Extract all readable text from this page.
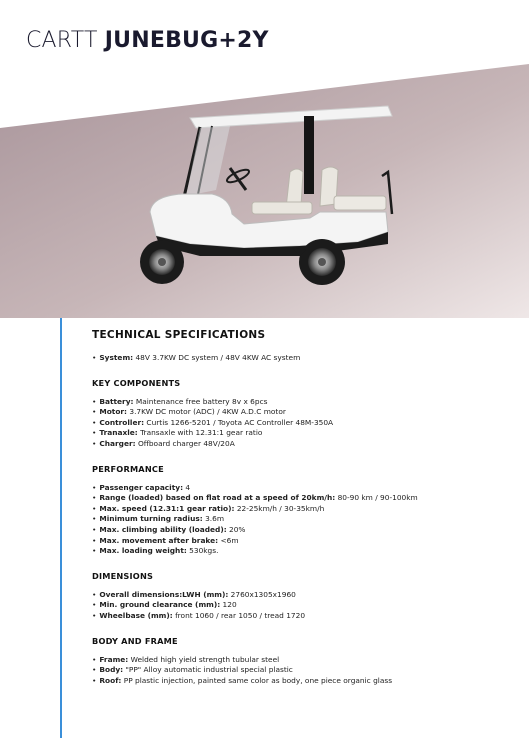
CARTT JUNEBUG+2Y
TECHNICAL SPECIFICATIONS
• System: 48V 3.7KW DC system / 48V 4KW AC system
KEY COMPONENTS
• Battery: Maintenance free battery 8v x 6pcs
• Motor: 3.7KW DC motor (ADC) / 4KW A.D.C motor
• Controller: Curtis 1266-5201 / Toyota AC Controller 48M-350A
• Tranaxle: Transaxle with 12.31:1 gear ratio
• Charger: Offboard charger 48V/20A
PERFORMANCE
• Passenger capacity: 4
• Range (loaded) based on flat road at a speed of 20km/h: 80-90 km / 90-100km
• Max. speed (12.31:1 gear ratio): 22-25km/h / 30-35km/h
• Minimum turning radius: 3.6m
• Max. climbing ability (loaded): 20%
• Max. movement after brake: <6m
• Max. loading weight: 530kgs.
DIMENSIONS
• Overall dimensions:LWH (mm): 2760x1305x1960
• Min. ground clearance (mm): 120
• Wheelbase (mm): front 1060 / rear 1050 / tread 1720
BODY AND FRAME
• Frame: Welded high yield strength tubular steel
• Body: "PP" Alloy automatic industrial special plastic
• Roof: PP plastic injection, painted same color as body, one piece organic glass
